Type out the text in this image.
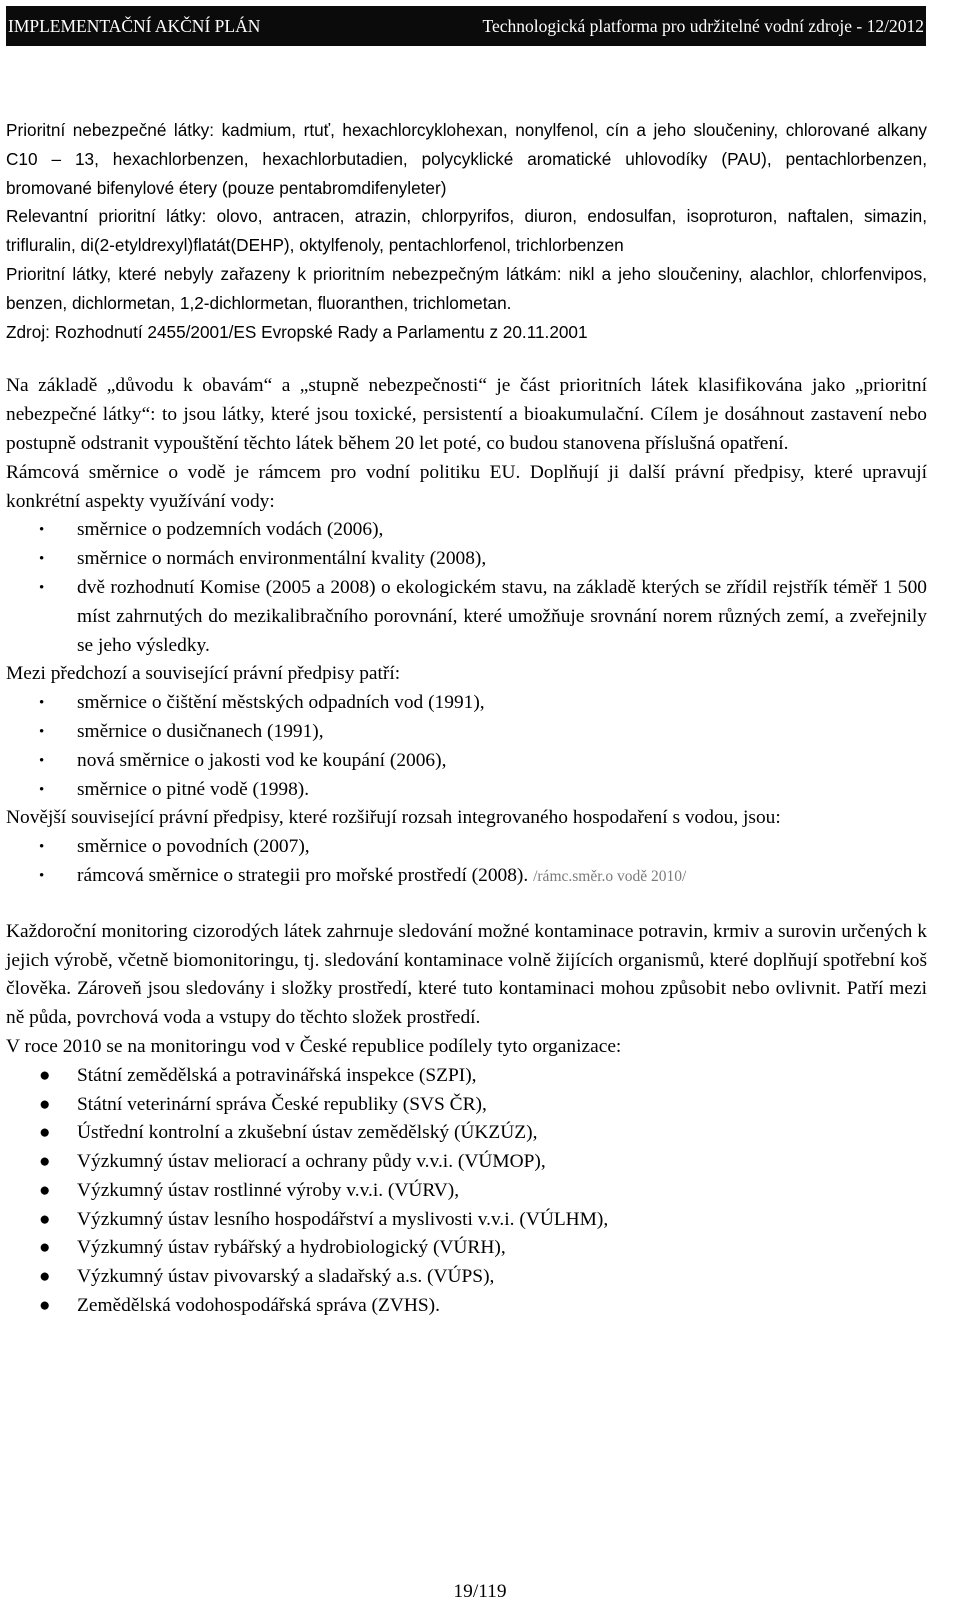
IMPLEMENTAČNÍ AKČNÍ PLÁN	Technologická platforma pro udržitelné vodní zdroje - 12/2012

Prioritní nebezpečné látky: kadmium, rtuť, hexachlorcyklohexan, nonylfenol, cín a jeho sloučeniny, chlorované alkany C10 – 13, hexachlorbenzen, hexachlorbutadien, polycyklické aromatické uhlovodíky (PAU), pentachlorbenzen, bromované bifenylové étery (pouze pentabromdifenyleter)

Relevantní prioritní látky: olovo, antracen, atrazin, chlorpyrifos, diuron, endosulfan, isoproturon, naftalen, simazin, trifluralin, di(2-etyldrexyl)flatát(DEHP), oktylfenoly, pentachlorfenol, trichlorbenzen

Prioritní látky, které nebyly zařazeny k prioritním nebezpečným látkám: nikl a jeho sloučeniny, alachlor, chlorfenvipos, benzen, dichlormetan, 1,2-dichlormetan, fluoranthen, trichlometan.

Zdroj: Rozhodnutí 2455/2001/ES Evropské Rady a Parlamentu z 20.11.2001

Na základě „důvodu k obavám“ a „stupně nebezpečnosti“ je část prioritních látek klasifikována jako „prioritní nebezpečné látky“: to jsou látky, které jsou toxické, persistentí a bioakumulační. Cílem je dosáhnout zastavení nebo postupně odstranit vypouštění těchto látek během 20 let poté, co budou stanovena příslušná opatření.

Rámcová směrnice o vodě je rámcem pro vodní politiku EU. Doplňují ji další právní předpisy, které upravují konkrétní aspekty využívání vody:

• směrnice o podzemních vodách (2006),
• směrnice o normách environmentální kvality (2008),
• dvě rozhodnutí Komise (2005 a 2008) o ekologickém stavu, na základě kterých se zřídil rejstřík téměř 1 500 míst zahrnutých do mezikalibračního porovnání, které umožňuje srovnání norem různých zemí, a zveřejnily se jeho výsledky.

Mezi předchozí a související právní předpisy patří:

• směrnice o čištění městských odpadních vod (1991),
• směrnice o dusičnanech (1991),
• nová směrnice o jakosti vod ke koupání (2006),
• směrnice o pitné vodě (1998).

Novější související právní předpisy, které rozšiřují rozsah integrovaného hospodaření s vodou, jsou:

• směrnice o povodních (2007),
• rámcová směrnice o strategii pro mořské prostředí (2008). /rámc.směr.o vodě 2010/

Každoroční monitoring cizorodých látek zahrnuje sledování možné kontaminace potravin, krmiv a surovin určených k jejich výrobě, včetně biomonitoringu, tj. sledování kontaminace volně žijících organismů, které doplňují spotřební koš člověka. Zároveň jsou sledovány i složky prostředí, které tuto kontaminaci mohou způsobit nebo ovlivnit. Patří mezi ně půda, povrchová voda a vstupy do těchto složek prostředí.

V roce 2010 se na monitoringu vod v České republice podílely tyto organizace:

● Státní zemědělská a potravinářská inspekce (SZPI),
● Státní veterinární správa České republiky (SVS ČR),
● Ústřední kontrolní a zkušební ústav zemědělský (ÚKZÚZ),
● Výzkumný ústav meliorací a ochrany půdy v.v.i. (VÚMOP),
● Výzkumný ústav rostlinné výroby v.v.i. (VÚRV),
● Výzkumný ústav lesního hospodářství a myslivosti v.v.i. (VÚLHM),
● Výzkumný ústav rybářský a hydrobiologický (VÚRH),
● Výzkumný ústav pivovarský a sladařský a.s. (VÚPS),
● Zemědělská vodohospodářská správa (ZVHS).
19/119
